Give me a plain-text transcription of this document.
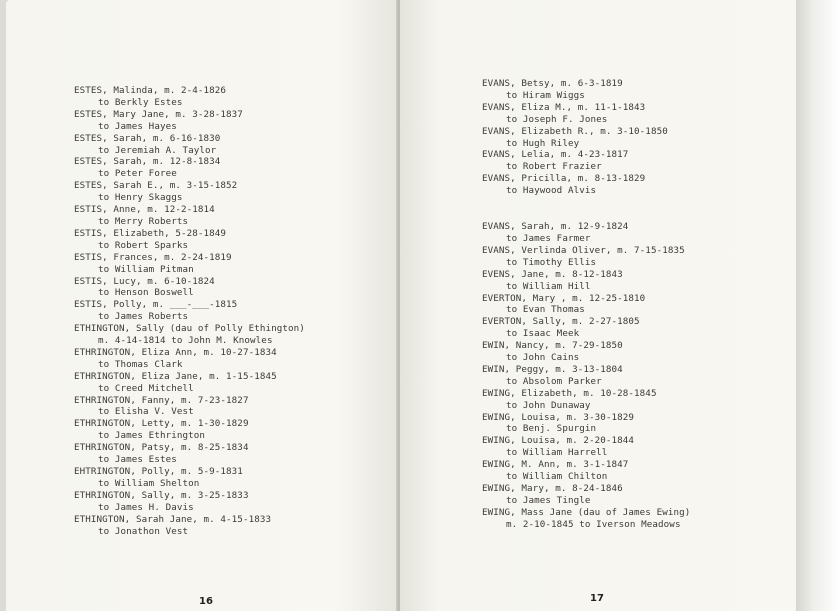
16	17
ESTES, Malinda, m. 2-4-1826
to Berkly Estes
ESTES, Mary Jane, m. 3-28-1837
to James Hayes
ESTES, Sarah, m. 6-16-1830
to Jeremiah A. Taylor
ESTES, Sarah, m. 12-8-1834
to Peter Foree
ESTES, Sarah E., m. 3-15-1852
to Henry Skaggs
ESTIS, Anne, m. 12-2-1814
to Merry Roberts
ESTIS, Elizabeth, 5-28-1849
to Robert Sparks
ESTIS, Frances, m. 2-24-1819
to William Pitman
ESTIS, Lucy, m. 6-10-1824
to Henson Boswell
ESTIS, Polly, m. ___-___-1815
to James Roberts
ETHINGTON, Sally (dau of Polly Ethington)
m. 4-14-1814 to John M. Knowles
ETHRINGTON, Eliza Ann, m. 10-27-1834
to Thomas Clark
ETHRINGTON, Eliza Jane, m. 1-15-1845
to Creed Mitchell
ETHRINGTON, Fanny, m. 7-23-1827
to Elisha V. Vest
ETHRINGTON, Letty, m. 1-30-1829
to James Ethrington
ETHRINGTON, Patsy, m. 8-25-1834
to James Estes
EHTRINGTON, Polly, m. 5-9-1831
to William Shelton
ETHRINGTON, Sally, m. 3-25-1833
to James H. Davis
ETHINGTON, Sarah Jane, m. 4-15-1833
to Jonathon Vest
EVANS, Betsy, m. 6-3-1819
to Hiram Wiggs
EVANS, Eliza M., m. 11-1-1843
to Joseph F. Jones
EVANS, Elizabeth R., m. 3-10-1850
to Hugh Riley
EVANS, Lelia, m. 4-23-1817
to Robert Frazier
EVANS, Pricilla, m. 8-13-1829
to Haywood Alvis
EVANS, Sarah, m. 12-9-1824
to James Farmer
EVANS, Verlinda Oliver, m. 7-15-1835
to Timothy Ellis
EVENS, Jane, m. 8-12-1843
to William Hill
EVERTON, Mary , m. 12-25-1810
to Evan Thomas
EVERTON, Sally, m. 2-27-1805
to Isaac Meek
EWIN, Nancy, m. 7-29-1850
to John Cains
EWIN, Peggy, m. 3-13-1804
to Absolom Parker
EWING, Elizabeth, m. 10-28-1845
to John Dunaway
EWING, Louisa, m. 3-30-1829
to Benj. Spurgin
EWING, Louisa, m. 2-20-1844
to William Harrell
EWING, M. Ann, m. 3-1-1847
to William Chilton
EWING, Mary, m. 8-24-1846
to James Tingle
EWING, Mass Jane (dau of James Ewing)
m. 2-10-1845 to Iverson Meadows
